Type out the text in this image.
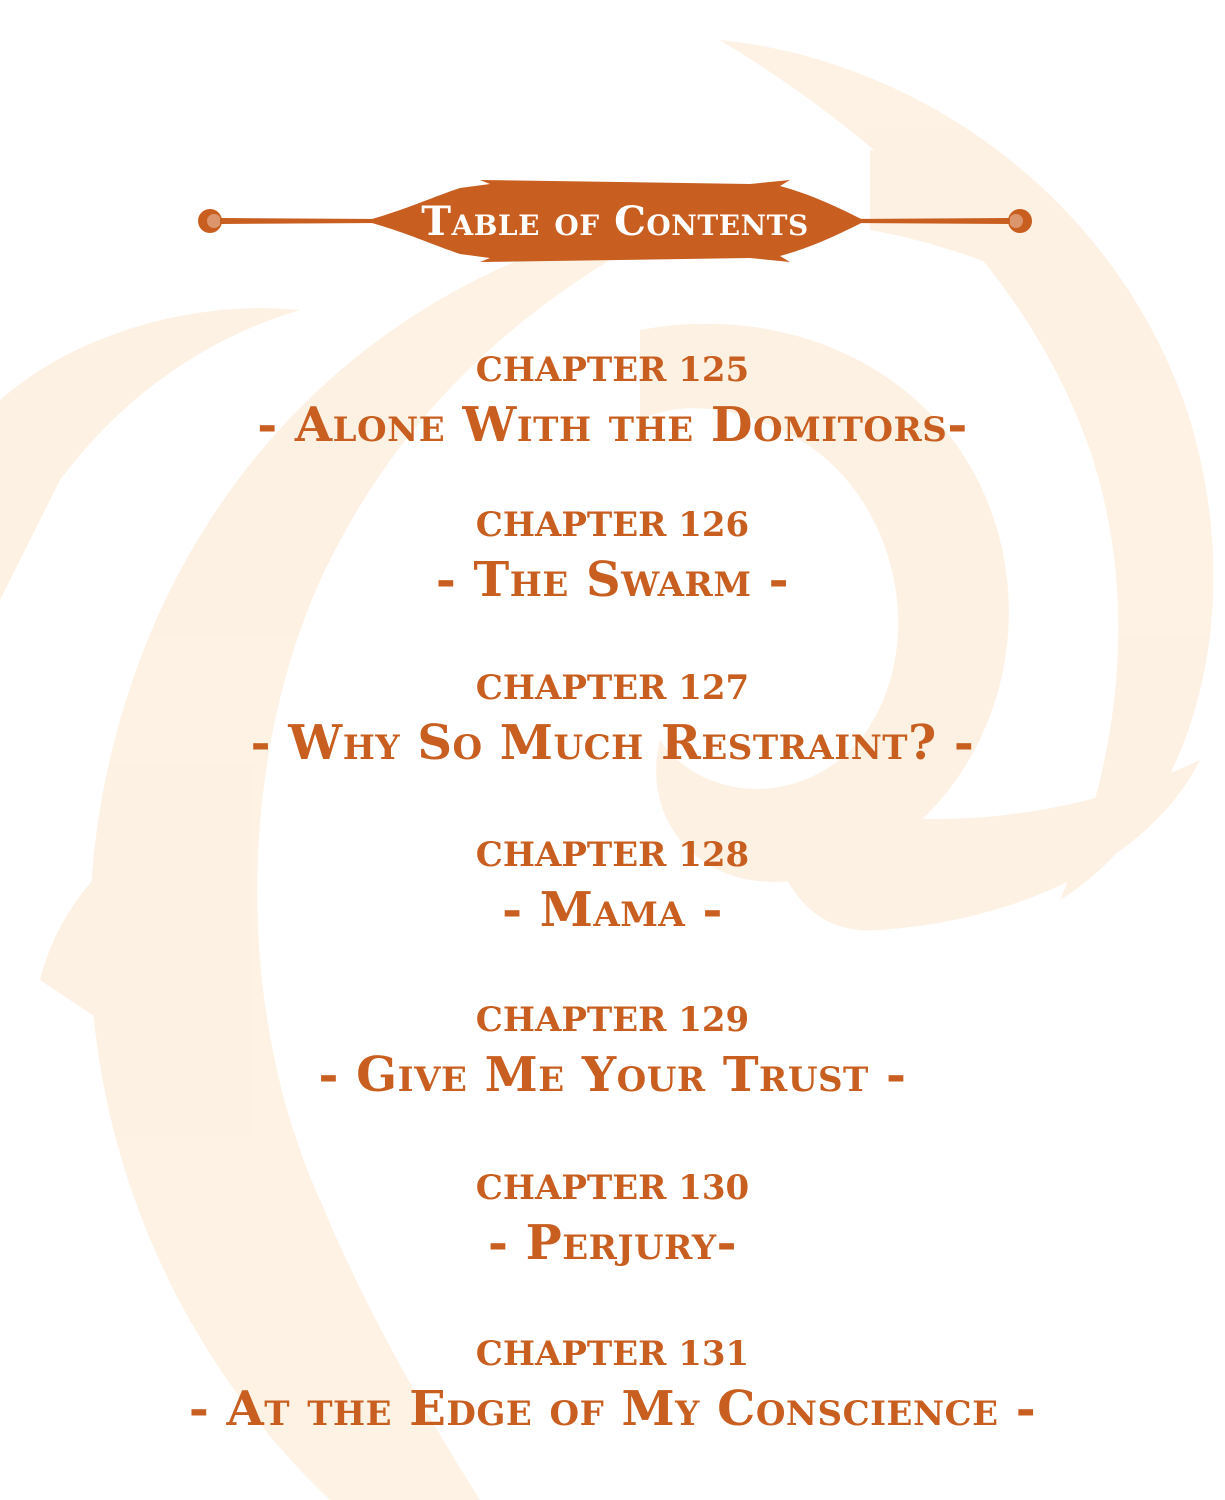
Table of Contents
CHAPTER 125
- Alone With the Domitors-
CHAPTER 126
- The Swarm -
CHAPTER 127
- Why So Much Restraint? -
CHAPTER 128
- Mama -
CHAPTER 129
- Give Me Your Trust -
CHAPTER 130
- Perjury-
CHAPTER 131
- At the Edge of My Conscience -
